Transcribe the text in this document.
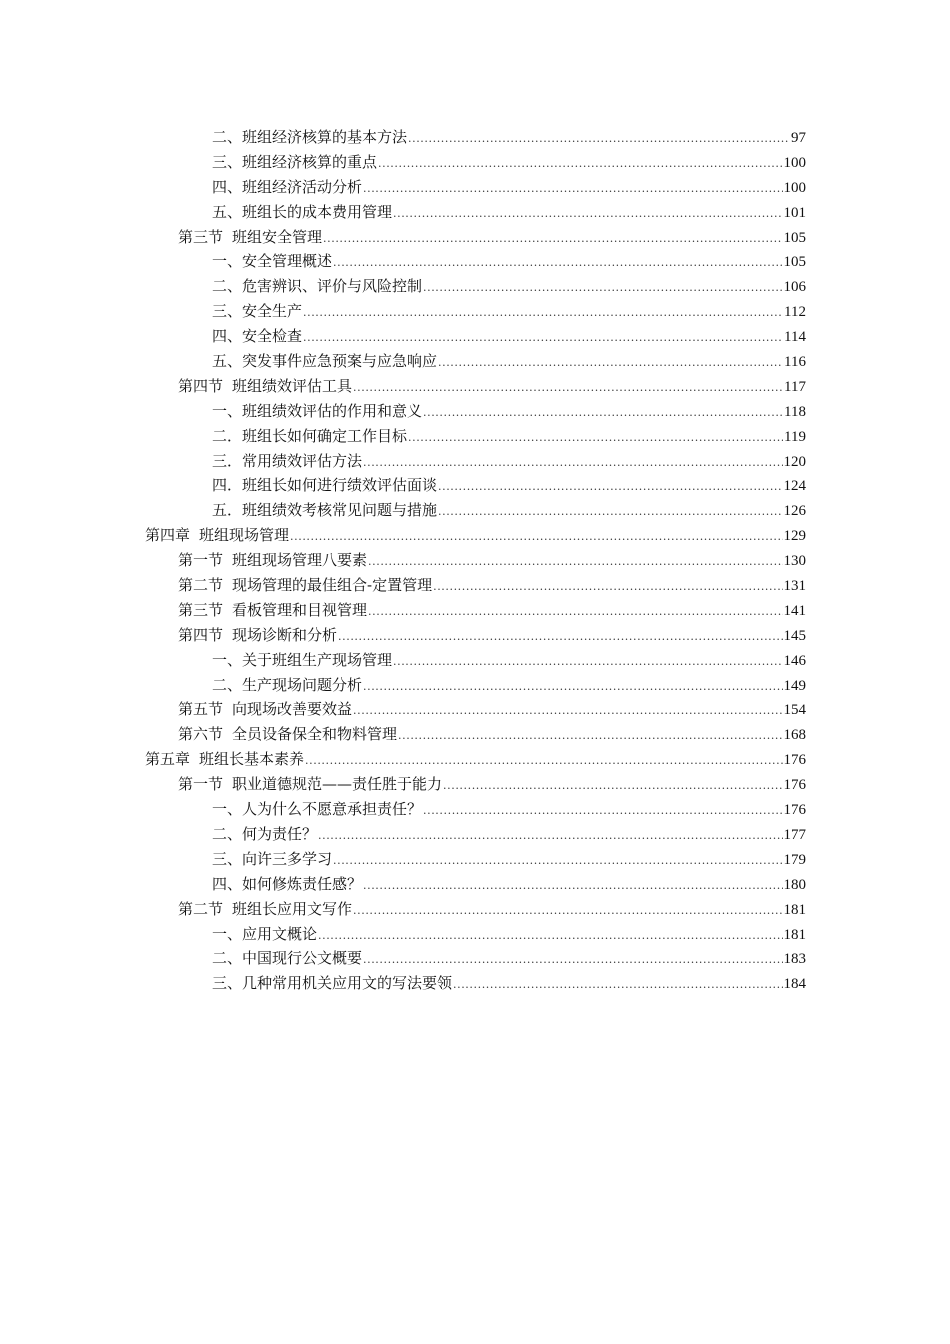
二、班组经济核算的基本方法 .....	97
三、班组经济核算的重点 .....	100
四、班组经济活动分析 .....	100
五、班组长的成本费用管理 .....	101
第三节 班组安全管理 .....	105
一、安全管理概述 .....	105
二、危害辨识、评价与风险控制 .....	106
三、安全生产 .....	112
四、安全检查 .....	114
五、突发事件应急预案与应急响应 .....	116
第四节 班组绩效评估工具 .....	117
一、班组绩效评估的作用和意义 .....	118
二．班组长如何确定工作目标 .....	119
三．常用绩效评估方法 .....	120
四．班组长如何进行绩效评估面谈 .....	124
五．班组绩效考核常见问题与措施 .....	126
第四章 班组现场管理 .....	129
第一节 班组现场管理八要素 .....	130
第二节 现场管理的最佳组合-定置管理 .....	131
第三节 看板管理和目视管理 .....	141
第四节 现场诊断和分析 .....	145
一、关于班组生产现场管理 .....	146
二、生产现场问题分析 .....	149
第五节 向现场改善要效益 .....	154
第六节 全员设备保全和物料管理 .....	168
第五章 班组长基本素养 .....	176
第一节 职业道德规范——责任胜于能力 .....	176
一、人为什么不愿意承担责任？ .....	176
二、何为责任？ .....	177
三、向许三多学习 .....	179
四、如何修炼责任感？ .....	180
第二节 班组长应用文写作 .....	181
一、应用文概论 .....	181
二、中国现行公文概要 .....	183
三、几种常用机关应用文的写法要领 .....	184
